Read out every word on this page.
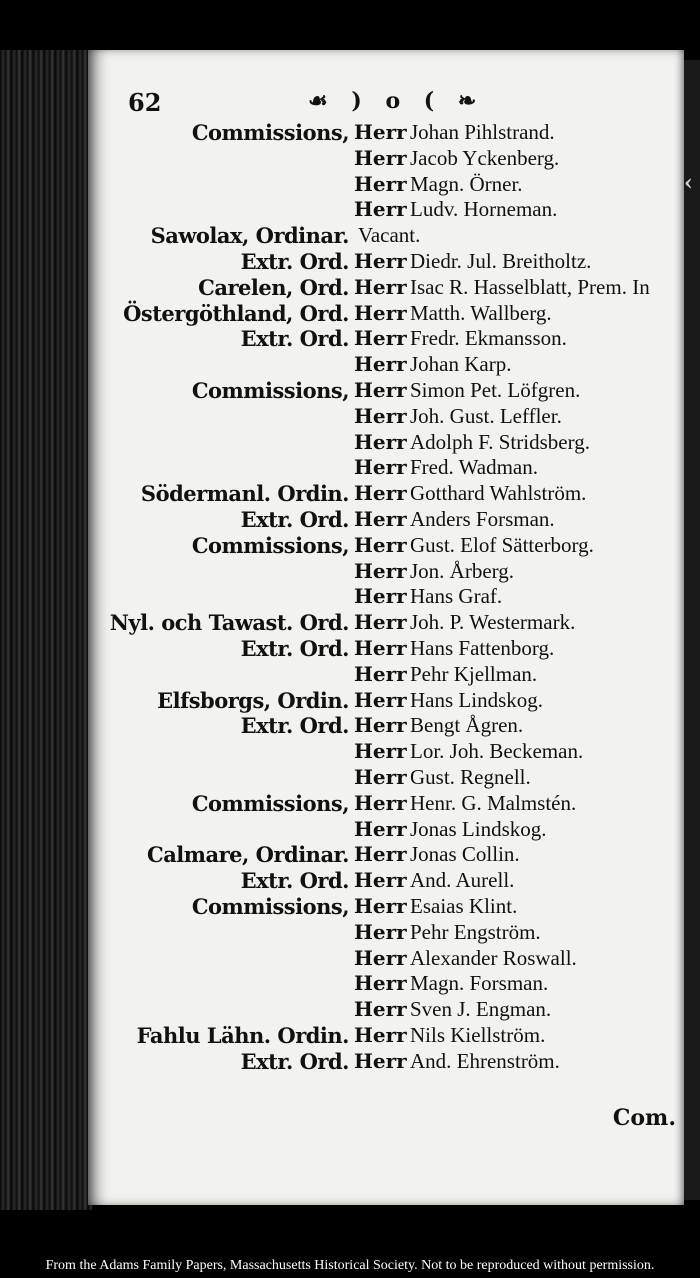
‹
62	☙ ) o ( ❧
Commissions, Herr Johan Pihlstrand.
Herr Jacob Yckenberg.
Herr Magn. Örner.
Herr Ludv. Horneman.
Sawolax, Ordinar. Vacant.
Extr. Ord. Herr Diedr. Jul. Breitholtz.
Carelen, Ord. Herr Isac R. Hasselblatt, Prem. In
Östergöthland, Ord. Herr Matth. Wallberg.
Extr. Ord. Herr Fredr. Ekmansson.
Herr Johan Karp.
Commissions, Herr Simon Pet. Löfgren.
Herr Joh. Gust. Leffler.
Herr Adolph F. Stridsberg.
Herr Fred. Wadman.
Södermanl. Ordin. Herr Gotthard Wahlström.
Extr. Ord. Herr Anders Forsman.
Commissions, Herr Gust. Elof Sätterborg.
Herr Jon. Årberg.
Herr Hans Graf.
Nyl. och Tawast. Ord. Herr Joh. P. Westermark.
Extr. Ord. Herr Hans Fattenborg.
Herr Pehr Kjellman.
Elfsborgs, Ordin. Herr Hans Lindskog.
Extr. Ord. Herr Bengt Ågren.
Herr Lor. Joh. Beckeman.
Herr Gust. Regnell.
Commissions, Herr Henr. G. Malmstén.
Herr Jonas Lindskog.
Calmare, Ordinar. Herr Jonas Collin.
Extr. Ord. Herr And. Aurell.
Commissions, Herr Esaias Klint.
Herr Pehr Engström.
Herr Alexander Roswall.
Herr Magn. Forsman.
Herr Sven J. Engman.
Fahlu Lähn. Ordin. Herr Nils Kiellström.
Extr. Ord. Herr And. Ehrenström.
Com.
From the Adams Family Papers, Massachusetts Historical Society. Not to be reproduced without permission.
